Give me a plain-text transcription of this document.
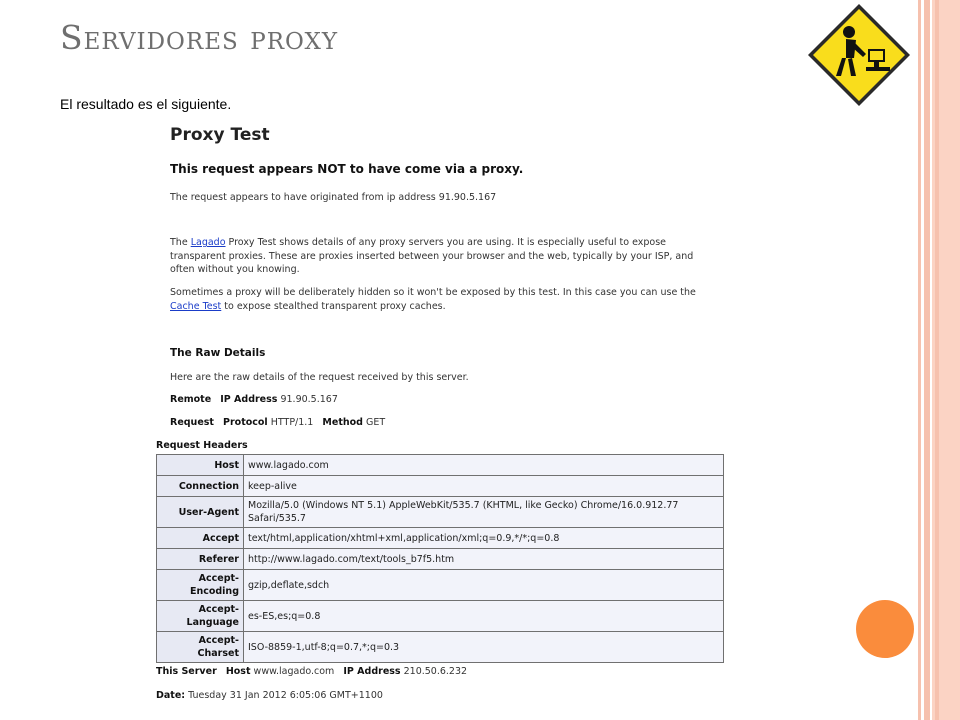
Servidores proxy
El resultado es el siguiente.
Proxy Test
This request appears NOT to have come via a proxy.
The request appears to have originated from ip address 91.90.5.167
The Lagado Proxy Test shows details of any proxy servers you are using. It is especially useful to expose transparent proxies. These are proxies inserted between your browser and the web, typically by your ISP, and often without you knowing.
Sometimes a proxy will be deliberately hidden so it won't be exposed by this test. In this case you can use the Cache Test to expose stealthed transparent proxy caches.
The Raw Details
Here are the raw details of the request received by this server.
Remote IP Address 91.90.5.167
Request Protocol HTTP/1.1 Method GET
Request Headers
Host	www.lagado.com
Connection	keep-alive
User-Agent	Mozilla/5.0 (Windows NT 5.1) AppleWebKit/535.7 (KHTML, like Gecko) Chrome/16.0.912.77 Safari/535.7
Accept	text/html,application/xhtml+xml,application/xml;q=0.9,*/*;q=0.8
Referer	http://www.lagado.com/text/tools_b7f5.htm
Accept-Encoding	gzip,deflate,sdch
Accept-Language	es-ES,es;q=0.8
Accept-Charset	ISO-8859-1,utf-8;q=0.7,*;q=0.3
This Server Host www.lagado.com IP Address 210.50.6.232
Date: Tuesday 31 Jan 2012 6:05:06 GMT+1100
